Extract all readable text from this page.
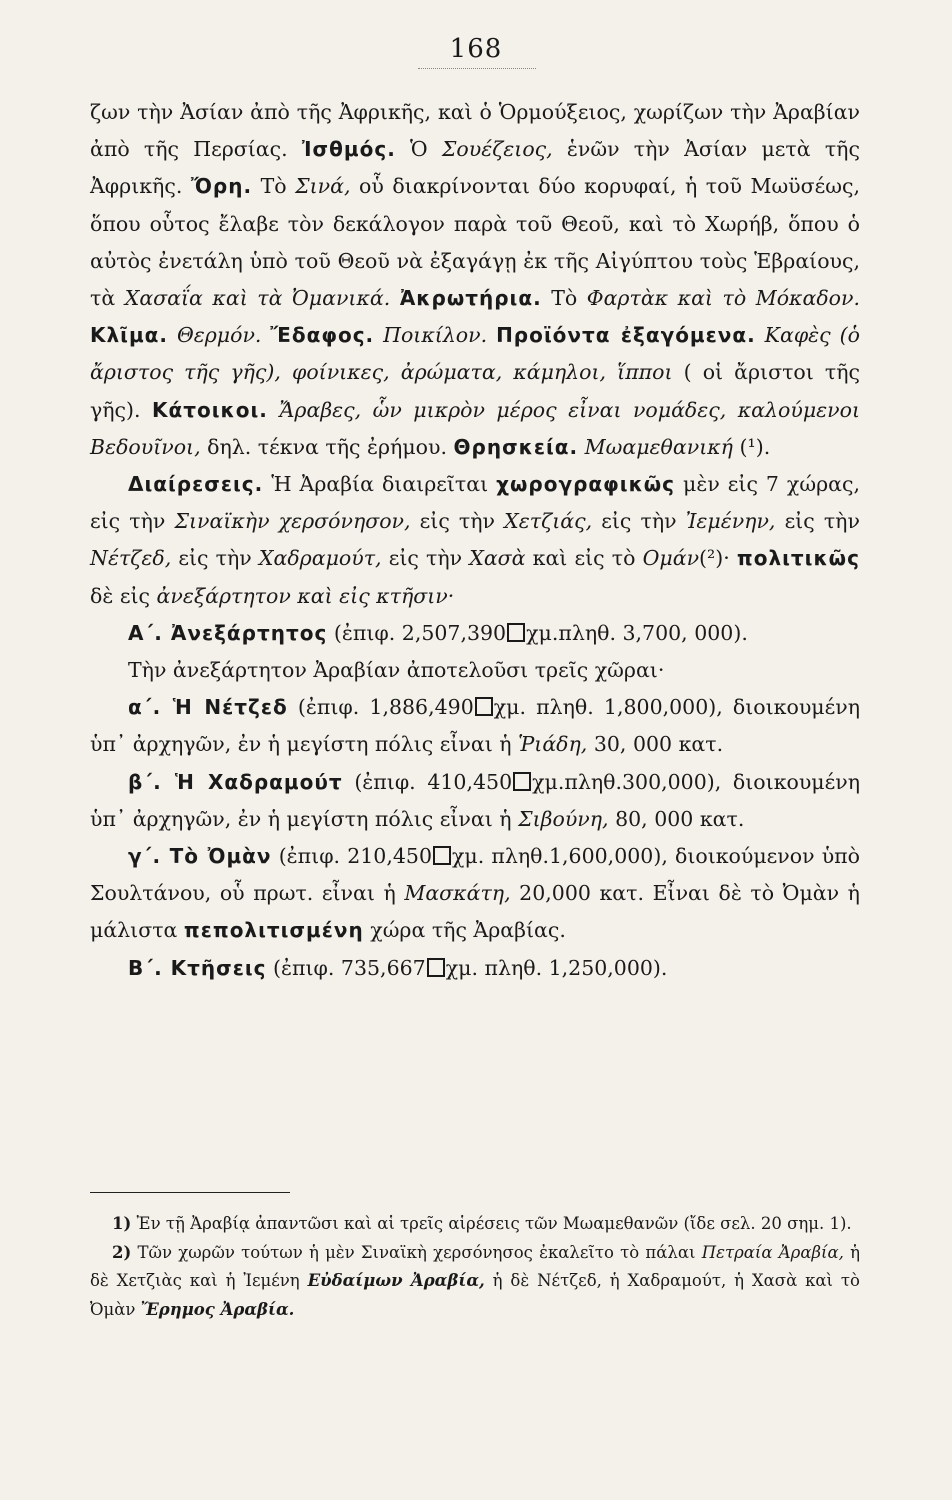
168

ζων τὴν Ἀσίαν ἀπὸ τῆς Ἀφρικῆς, καὶ ὁ Ὁρμούξειος, χωρίζων τὴν Ἀραβίαν ἀπὸ τῆς Περσίας. Ἰσθμός. Ὁ Σουέζειος, ἑνῶν τὴν Ἀσίαν μετὰ τῆς Ἀφρικῆς. Ὄρη. Τὸ Σινά, οὗ διακρίνονται δύο κορυφαί, ἡ τοῦ Μωϋσέως, ὅπου οὗτος ἔλαβε τὸν δεκάλογον παρὰ τοῦ Θεοῦ, καὶ τὸ Χωρήβ, ὅπου ὁ αὐτὸς ἐνετάλη ὑπὸ τοῦ Θεοῦ νὰ ἐξαγάγῃ ἐκ τῆς Αἰγύπτου τοὺς Ἑβραίους, τὰ Χασαΐα καὶ τὰ Ὀμανικά. Ἀκρωτήρια. Τὸ Φαρτὰκ καὶ τὸ Μόκαδον. Κλῖμα. Θερμόν. Ἔδαφος. Ποικίλον. Προϊόντα ἐξαγόμενα. Καφὲς (ὁ ἄριστος τῆς γῆς), φοίνικες, ἀρώματα, κάμηλοι, ἵπποι ( οἱ ἄριστοι τῆς γῆς). Κάτοικοι. Ἄραβες, ὧν μικρὸν μέρος εἶναι νομάδες, καλούμενοι Βεδουῖνοι, δηλ. τέκνα τῆς ἐρήμου. Θρησκεία. Μωαμεθανική (¹).

Διαίρεσεις. Ἡ Ἀραβία διαιρεῖται χωρογραφικῶς μὲν εἰς 7 χώρας, εἰς τὴν Σιναϊκὴν χερσόνησον, εἰς τὴν Χετζιάς, εἰς τὴν Ἰεμένην, εἰς τὴν Νέτζεδ, εἰς τὴν Χαδραμούτ, εἰς τὴν Χασὰ καὶ εἰς τὸ Ομάν(²)· πολιτικῶς δὲ εἰς ἀνεξάρτητον καὶ εἰς κτῆσιν·

Α΄. Ἀνεξάρτητος (ἐπιφ. 2,507,390 χμ.πληθ. 3,700, 000).

Τὴν ἀνεξάρτητον Ἀραβίαν ἀποτελοῦσι τρεῖς χῶραι·

α΄. Ἡ Νέτζεδ (ἐπιφ. 1,886,490 χμ. πληθ. 1,800,000), διοικουμένη ὑπ᾽ ἀρχηγῶν, ἐν ἡ μεγίστη πόλις εἶναι ἡ Ῥιάδη, 30, 000 κατ.

β΄. Ἡ Χαδραμούτ (ἐπιφ. 410,450 χμ.πληθ.300,000), διοικουμένη ὑπ᾽ ἀρχηγῶν, ἐν ἡ μεγίστη πόλις εἶναι ἡ Σιβούνη, 80, 000 κατ.

γ΄. Τὸ Ὀμὰν (ἐπιφ. 210,450 χμ. πληθ.1,600,000), διοικούμενον ὑπὸ Σουλτάνου, οὗ πρωτ. εἶναι ἡ Μασκάτη, 20,000 κατ. Εἶναι δὲ τὸ Ὀμὰν ἡ μάλιστα πεπολιτισμένη χώρα τῆς Ἀραβίας.

Β΄. Κτῆσεις (ἐπιφ. 735,667 χμ. πληθ. 1,250,000).

1) Ἐν τῇ Ἀραβίᾳ ἀπαντῶσι καὶ αἱ τρεῖς αἱρέσεις τῶν Μωαμεθανῶν (ἴδε σελ. 20 σημ. 1).

2) Τῶν χωρῶν τούτων ἡ μὲν Σιναϊκὴ χερσόνησος ἐκαλεῖτο τὸ πάλαι Πετραία Ἀραβία, ἡ δὲ Χετζιὰς καὶ ἡ Ἰεμένη Εὐδαίμων Ἀραβία, ἡ δὲ Νέτζεδ, ἡ Χαδραμούτ, ἡ Χασὰ καὶ τὸ Ὀμὰν Ἔρημος Ἀραβία.
